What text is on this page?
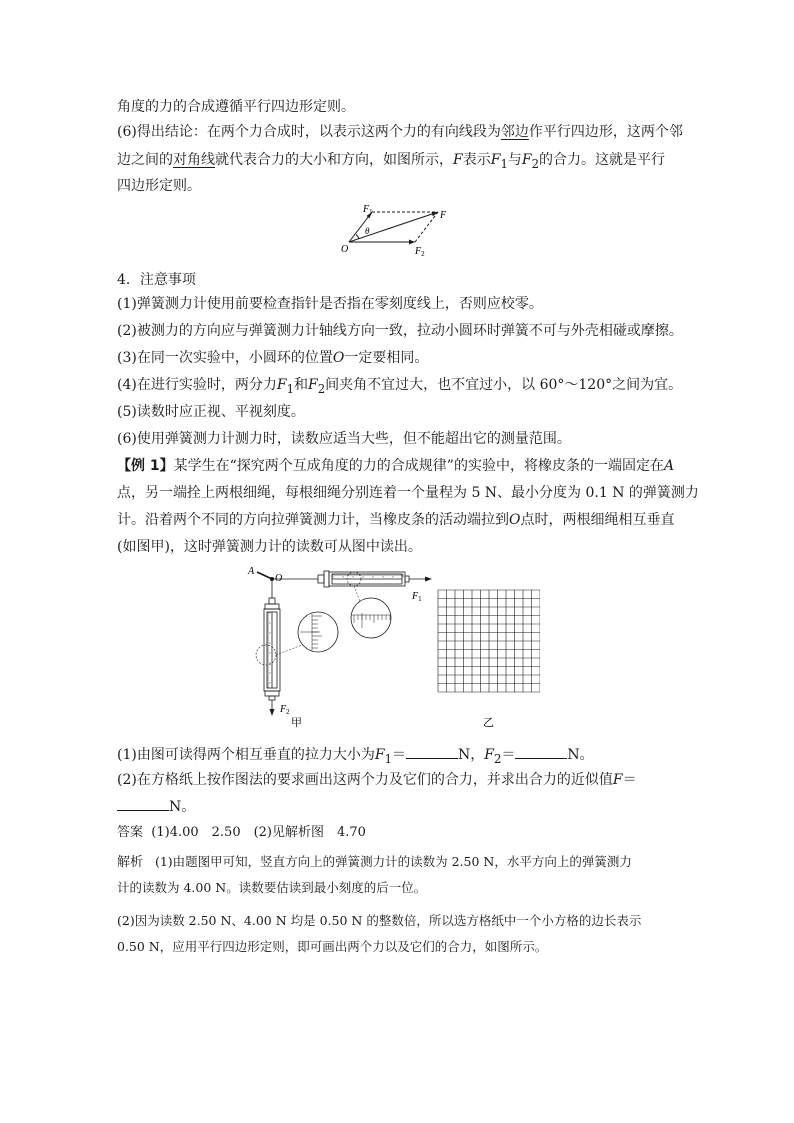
角度的力的合成遵循平行四边形定则。
(6)得出结论：在两个力合成时，以表示这两个力的有向线段为邻边作平行四边形，这两个邻
边之间的对角线就代表合力的大小和方向，如图所示，F表示$F_1$与$F_2$的合力。这就是平行
四边形定则。
$F_1$	F
θ
O	$F_2$
4．注意事项
(1)弹簧测力计使用前要检查指针是否指在零刻度线上，否则应校零。
(2)被测力的方向应与弹簧测力计轴线方向一致，拉动小圆环时弹簧不可与外壳相碰或摩擦。
(3)在同一次实验中，小圆环的位置O一定要相同。
(4)在进行实验时，两分力$F_1$和$F_2$间夹角不宜过大，也不宜过小，以 60°～120°之间为宜。
(5)读数时应正视、平视刻度。
(6)使用弹簧测力计测力时，读数应适当大些，但不能超出它的测量范围。
【例 1】某学生在“探究两个互成角度的力的合成规律”的实验中，将橡皮条的一端固定在A
点，另一端拴上两根细绳，每根细绳分别连着一个量程为 5 N、最小分度为 0.1 N 的弹簧测力
计。沿着两个不同的方向拉弹簧测力计，当橡皮条的活动端拉到O点时，两根细绳相互垂直
(如图甲)，这时弹簧测力计的读数可从图中读出。
A
O
$F_1$
$F_2$
甲	乙
(1)由图可读得两个相互垂直的拉力大小为$F_1=$	N，$F_2=$	N。
(2)在方格纸上按作图法的要求画出这两个力及它们的合力，并求出合力的近似值F＝
N。
答案 (1)4.00　2.50　(2)见解析图　4.70
解析 (1)由题图甲可知，竖直方向上的弹簧测力计的读数为 2.50 N，水平方向上的弹簧测力
计的读数为 4.00 N。读数要估读到最小刻度的后一位。
(2)因为读数 2.50 N、4.00 N 均是 0.50 N 的整数倍，所以选方格纸中一个小方格的边长表示
0.50 N，应用平行四边形定则，即可画出两个力以及它们的合力，如图所示。
